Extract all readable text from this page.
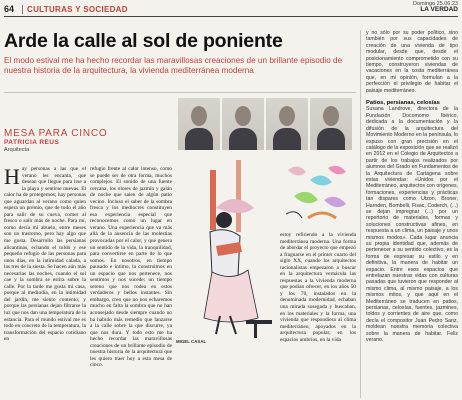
64 CULTURAS Y SOCIEDAD
Domingo 25.06.23
LA VERDAD
Arde la calle al sol de poniente
El modo estival me ha hecho recordar las maravillosas creaciones de un brillante episodio de nuestra historia de la arquitectura, la vivienda mediterránea moderna
MESA PARA CINCO
PATRICIA REUS
Arquitecta
H ay personas a las que el verano les encanta, que desean que llegue para irse a la playa y sentirse nuevas. El calor ha de protegernos; hay personas que aguardan al verano como quien espera un premio, que de todo el año para salir de su cueva, comer al fresco o salir más de noche. Para mí, como decía mi abuelo, entre meses son un trastorno, pero hay algo que me gusta. Desarrollo las persianas alicantinas, echando el toldo y ese pequeño refugio de las personas para unos días, en la intimidad calada, a las tres de la siesta. Se hacen aún más necesarias las noches, cuando el sol cae y la sombra se estira sobre la calle. Por la tarde me gusta mi casa, porque al mediodía, en la intimidad del jardín, me siento contento; y porque las persianas dejan filtrarse la luz que nos dan una temperatura de la estancia. Para el mundo estival me es todo en concreto de la temperatura, la transformación del espacio cotidiano en

refugio frente al calor intenso, como se puede ser de otra forma, muchos complejos. El sonido de una fuente cercana, los olores de jazmín y galán de noche que salen de algún patio vecino. Incluso el saber de la sombra fresca y los mediocres constituyen esa experiencia especial que reconocemos como un lugar en verano. Una experiencia que va más allá de la ausencia de las molestias provocadas por el calor, y que genera un sentido de la vida, la tranquilidad, para convertirse en parte de lo que somos. En nosotros, en tiempo pausado e íntimo, la construimos en un espacio que nos pertenece, nos sentimos y nos sucede; un tiempo sereno que nos rodea en estos verdaderos y bellos instantes. Sin embargo, creo que no nos echaremos mucho en falta la sombra que no han aconsejado desde siempre cuando no ha habido más remedio que lanzarse a la calle sobre la que discurre, ya que nos dura. Y todo esto me ha hecho recordar las maravillosas creaciones de un brillante episodio de nuestra historia de la arquitectura que les quiero traer hoy a esta mesa de cinco.

MIGEL CASAL

estoy refiriendo a la vivienda mediterránea moderna. Una forma de abordar el proyecto que empezó a fraguarse en el primer cuarto del siglo XX, cuando los arquitectos racionalistas empezaron a buscar en la arquitectura vernácula las respuestas a la vivienda moderna que podían ofrecer, en los años 50 y los 70, instalados en la denominada modernidad, echaban una mirada sosegada y buscaban, en los materiales y la forma, una vivienda que respondiera al clima mediterráneo, apoyados en la arquitectura popular, en los espacios umbríos, en la vida

y no sólo por su poder político, sino también por sus capacidades de creación de una vivienda de tipo modular, desde que, desde el posicionamiento comprometido con su tiempo, construyeron viviendas de vacaciones en la costa mediterránea que, en mi opinión, formulan a la perfección el privilegio de habitar el paisaje mediterráneo.

Patios, persianas, celosías

Susana Landrove, directora de la Fundación Docomomo Ibérico, dedicada a la documentación y la difusión de la arquitectura del Movimiento Moderno en la península, lo expuso con gran precisión en el catálogo de la exposición que se realizó en 2012 en el Colegio de Arquitectos a partir de los trabajos realizados por alumnos del Grado en Fundamentos de la Arquitectura de Cartagena sobre estas viviendas: «Unidos por el Mediterráneo, arquitectos con orígenes, formaciones, experiencias y prácticas tan dispares como Utzon, Broner, Harnden, Bombelli, Fisac, Coderch, (...) se dejan impregnar (...) por un repertorio de materiales, formas y soluciones constructivas afines, en respuesta a un clima, un paisaje y unos mismos modos». Cada lugar anuncia su propia identidad que, además de pertenecer a su sentido colectivo, es la forma de expresar su estilo y en definitiva, la manera de habitar un espacio. Entre esos espacios que entrelazan nuestras vidas con culturas pasadas que tuvieron que responder al mismo clima, al mismo paisaje, a los mismos mitos, y que aquí en el Mediterráneo se traducen en patios, persianas, celosías, fuentes, jazmines, toldos y corrientes de aire que, como decía el compositor Juan Pedro Sanz, moldean nuestra memoria colectiva sobre la manera de habitar. Feliz verano.
